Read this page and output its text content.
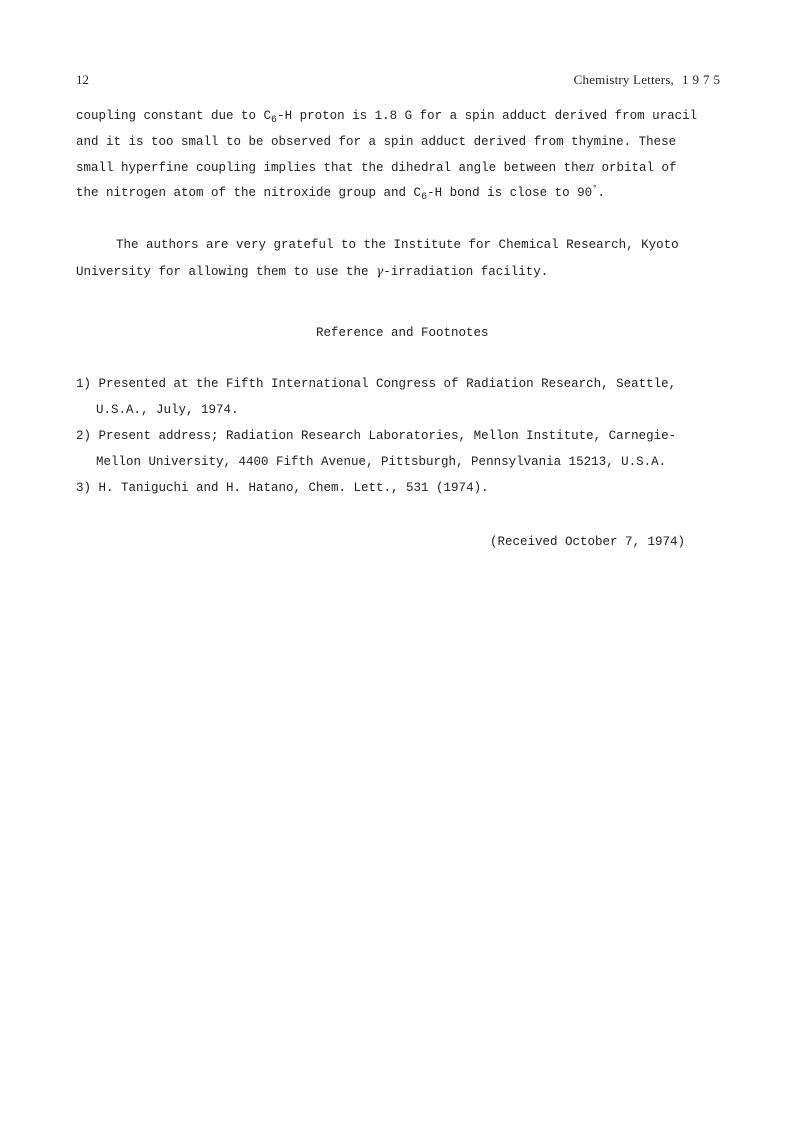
12	Chemistry Letters, 1975
coupling constant due to $C_6-H$ proton is 1.8 G for a spin adduct derived from uracil
and it is too small to be observed for a spin adduct derived from thymine. These
small hyperfine coupling implies that the dihedral angle between theπ orbital of
the nitrogen atom of the nitroxide group and $C_6-H$ bond is close to 90°.
The authors are very grateful to the Institute for Chemical Research, Kyoto
University for allowing them to use the γ-irradiation facility.
Reference and Footnotes
1) Presented at the Fifth International Congress of Radiation Research, Seattle,
U.S.A., July, 1974.
2) Present address; Radiation Research Laboratories, Mellon Institute, Carnegie-
Mellon University, 4400 Fifth Avenue, Pittsburgh, Pennsylvania 15213, U.S.A.
3) H. Taniguchi and H. Hatano, Chem. Lett., 531 (1974).
(Received October 7, 1974)
